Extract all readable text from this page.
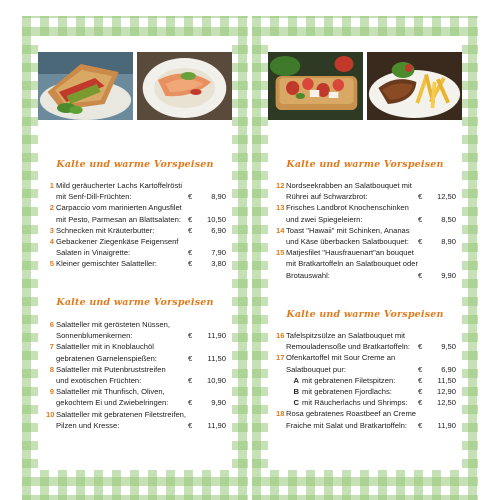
Kalte und warme Vorspeisen
1 Mild geräucherter Lachs Kartoffelrösti
mit Senf-Dill-Früchten:	€	8,90
2 Carpaccio vom marinierten Angusfilet
mit Pesto, Parmesan an Blattsalaten: €	10,50
3 Schnecken mit Kräuterbutter:	€	6,90
4 Gebackener Ziegenkäse Feigensenf
Salaten in Vinaigrette:	€	7,90
5 Kleiner gemischter Salatteller:	€	3,80
Kalte und warme Vorspeisen
6 Salatteller mit gerösteten Nüssen,
Sonnenblumenkernen:	€	11,90
7 Salatteller mit in Knoblauchöl
gebratenen Garnelenspießen:	€	11,50
8 Salatteller mit Putenbruststreifen
und exotischen Früchten:	€	10,90
9 Salatteller mit Thunfisch, Oliven,
gekochtem Ei und Zwiebelringen:	€	9,90
10 Salatteller mit gebratenen Filetstreifen,
Pilzen und Kresse:	€	11,90
Kalte und warme Vorspeisen
12 Nordseekrabben an Salatbouquet mit
Rührei auf Schwarzbrot:	€	12,50
13 Frisches Landbrot Knochenschinken
und zwei Spiegeleiern:	€	8,50
14 Toast "Hawaii" mit Schinken, Ananas
und Käse überbacken Salatbouquet:	€	8,90
15 Matjesfilet "Hausfrauenart"an bouquet
mit Bratkartoffeln an Salatbouquet oder
Brotauswahl:	€	9,90
Kalte und warme Vorspeisen
16 Tafelspitzsülze an Salatbouquet mit
Remouladensoße und Bratkartoffeln:	€	9,50
17 Ofenkartoffel mit Sour Creme an
Salatbouquet pur:	€	6,90
A mit gebratenen Filetspitzen:	€	11,50
B mit gebratenen Fjordlachs:	€	12,90
C mit Räucherlachs und Shrimps:	€	12,50
18 Rosa gebratenes Roastbeef an Creme
Fraiche mit Salat und Bratkartoffeln:	€	11,90
